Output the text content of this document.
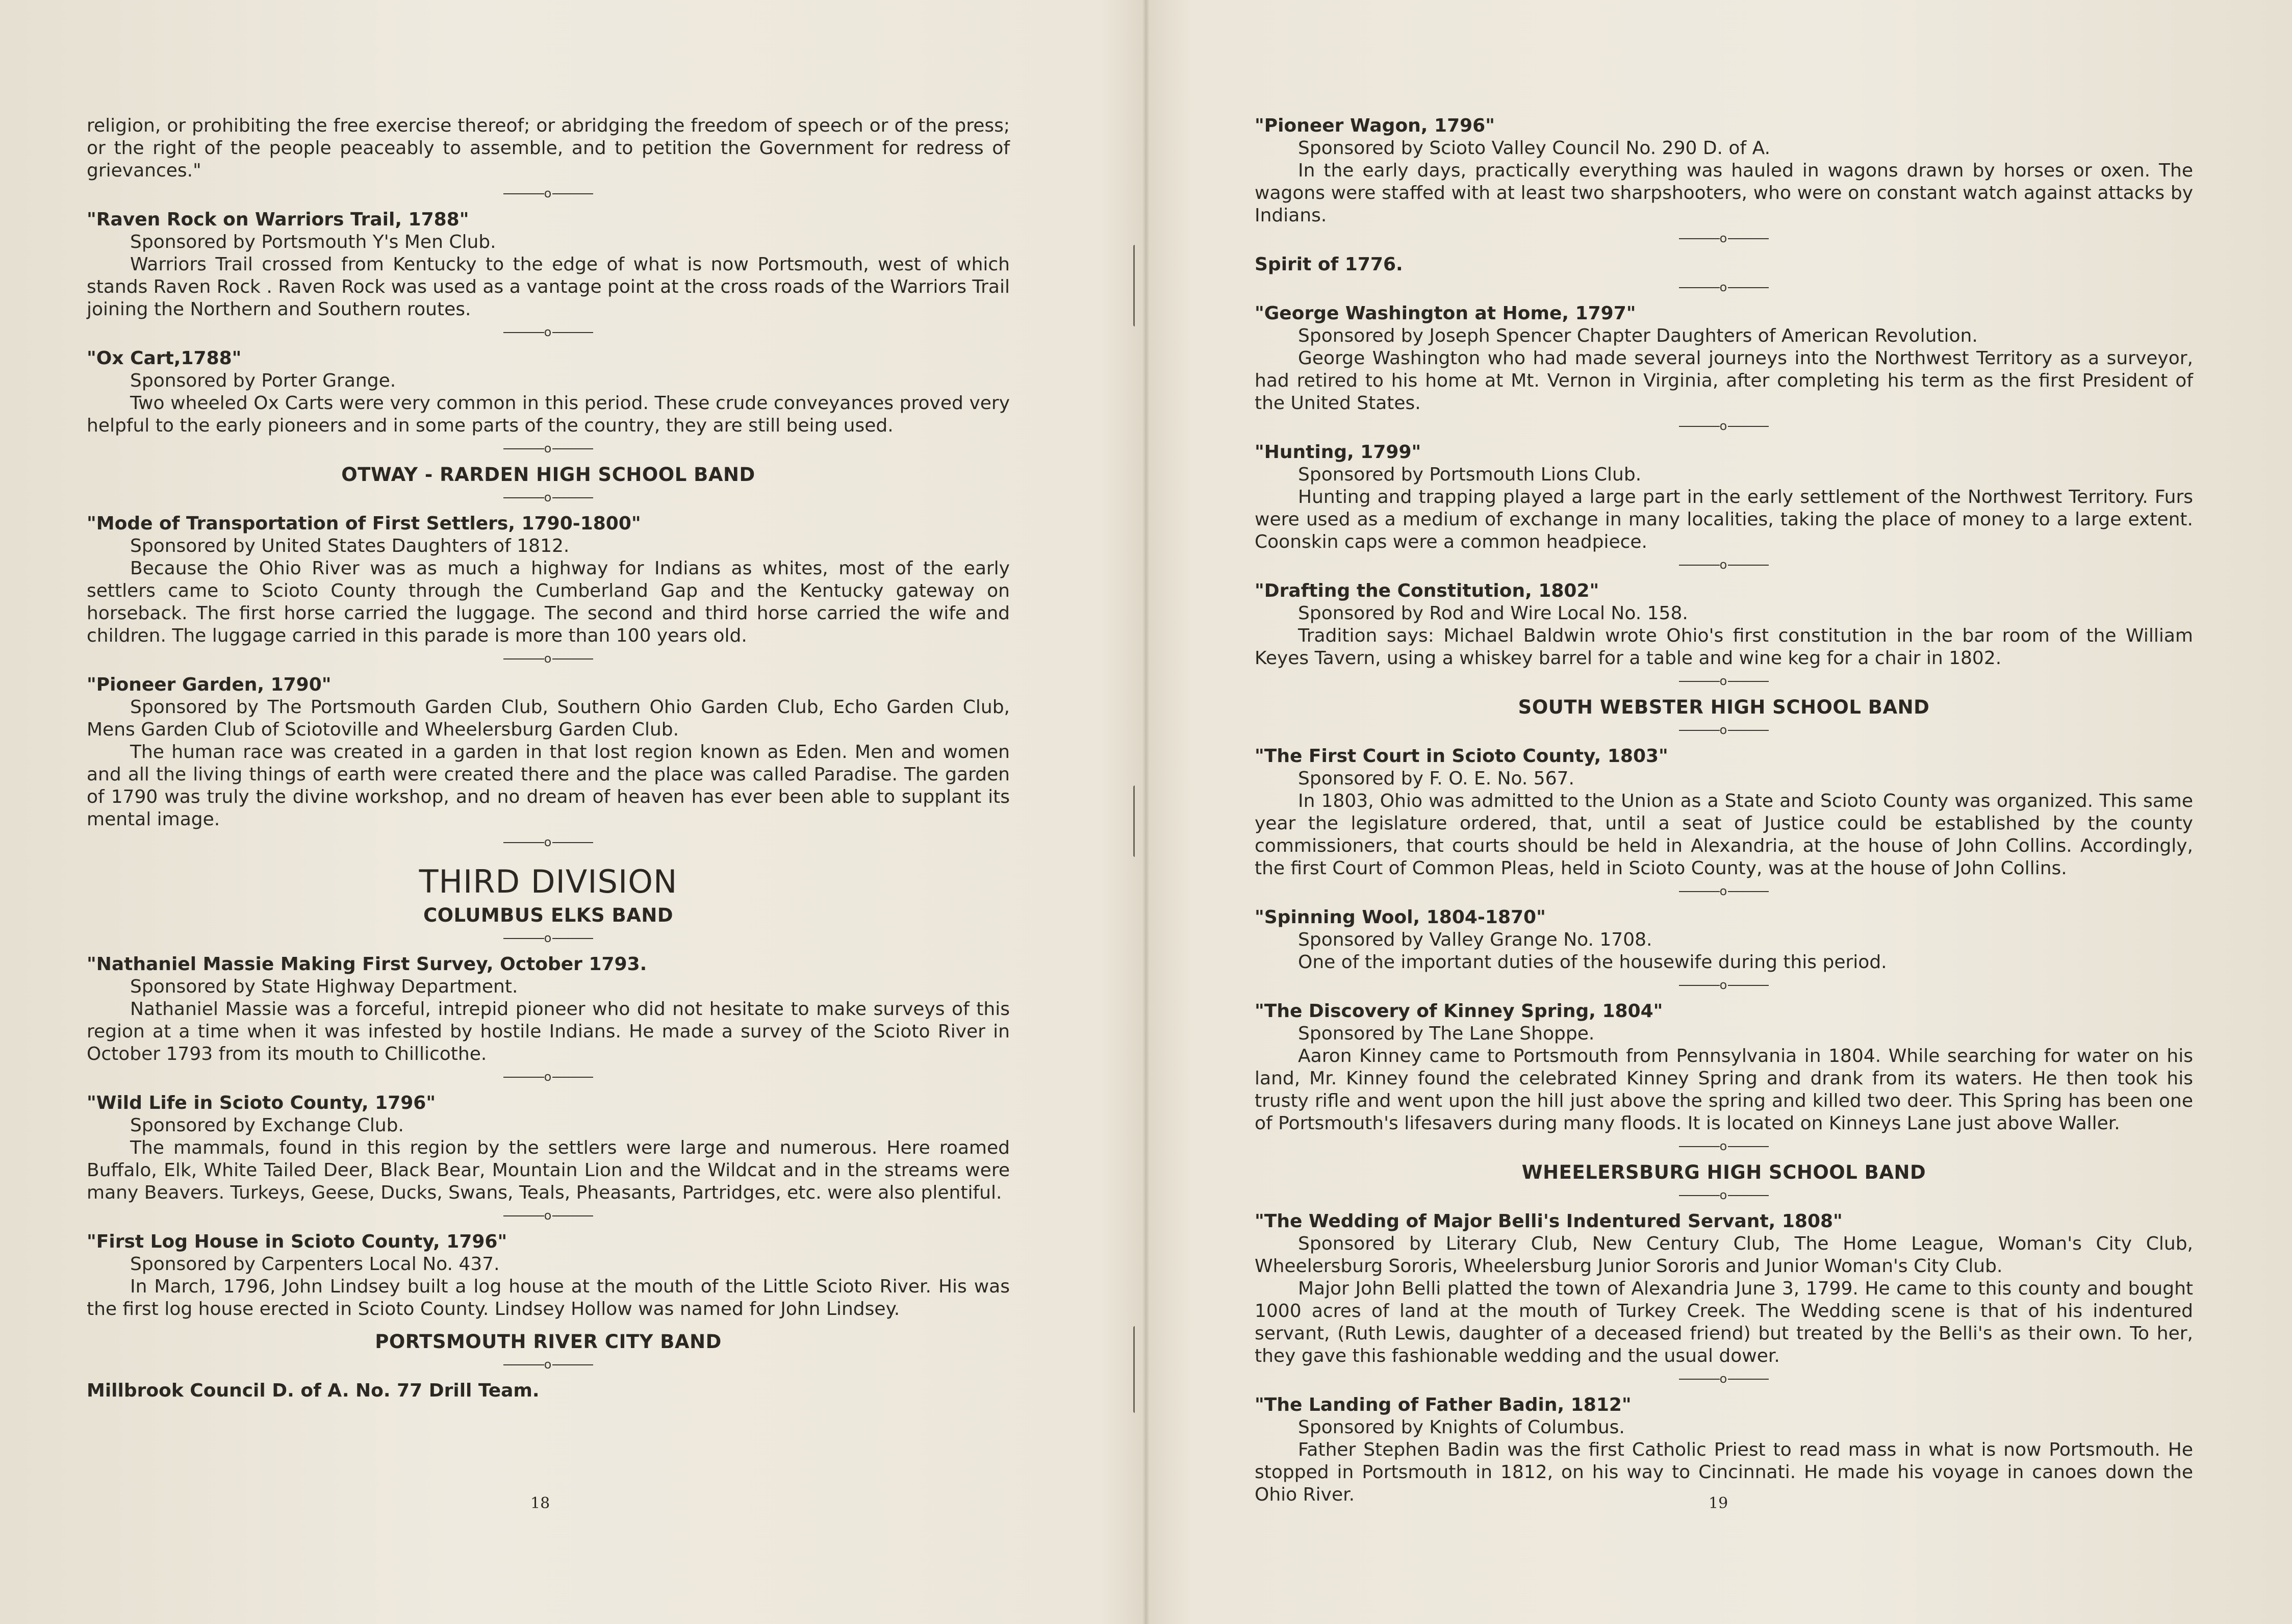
religion, or prohibiting the free exercise thereof; or abridging the freedom of speech or of the press; or the right of the people peaceably to assemble, and to petition the Government for redress of grievances."

o

"Raven Rock on Warriors Trail, 1788"

Sponsored by Portsmouth Y's Men Club.

Warriors Trail crossed from Kentucky to the edge of what is now Portsmouth, west of which stands Raven Rock . Raven Rock was used as a vantage point at the cross roads of the Warriors Trail joining the Northern and Southern routes.

o

"Ox Cart,1788"

Sponsored by Porter Grange.

Two wheeled Ox Carts were very common in this period. These crude conveyances proved very helpful to the early pioneers and in some parts of the country, they are still being used.

o

OTWAY - RARDEN HIGH SCHOOL BAND

o

"Mode of Transportation of First Settlers, 1790-1800"

Sponsored by United States Daughters of 1812.

Because the Ohio River was as much a highway for Indians as whites, most of the early settlers came to Scioto County through the Cumberland Gap and the Kentucky gateway on horseback. The first horse carried the luggage. The second and third horse carried the wife and children. The luggage carried in this parade is more than 100 years old.

o

"Pioneer Garden, 1790"

Sponsored by The Portsmouth Garden Club, Southern Ohio Garden Club, Echo Garden Club, Mens Garden Club of Sciotoville and Wheelersburg Garden Club.

The human race was created in a garden in that lost region known as Eden. Men and women and all the living things of earth were created there and the place was called Paradise. The garden of 1790 was truly the divine workshop, and no dream of heaven has ever been able to supplant its mental image.

o

THIRD DIVISION

COLUMBUS ELKS BAND

o

"Nathaniel Massie Making First Survey, October 1793.

Sponsored by State Highway Department.

Nathaniel Massie was a forceful, intrepid pioneer who did not hesitate to make surveys of this region at a time when it was infested by hostile Indians. He made a survey of the Scioto River in October 1793 from its mouth to Chillicothe.

o

"Wild Life in Scioto County, 1796"

Sponsored by Exchange Club.

The mammals, found in this region by the settlers were large and numerous. Here roamed Buffalo, Elk, White Tailed Deer, Black Bear, Mountain Lion and the Wildcat and in the streams were many Beavers. Turkeys, Geese, Ducks, Swans, Teals, Pheasants, Partridges, etc. were also plentiful.

o

"First Log House in Scioto County, 1796"

Sponsored by Carpenters Local No. 437.

In March, 1796, John Lindsey built a log house at the mouth of the Little Scioto River. His was the first log house erected in Scioto County. Lindsey Hollow was named for John Lindsey.

PORTSMOUTH RIVER CITY BAND

o

Millbrook Council D. of A. No. 77 Drill Team.

18

"Pioneer Wagon, 1796"

Sponsored by Scioto Valley Council No. 290 D. of A.

In the early days, practically everything was hauled in wagons drawn by horses or oxen. The wagons were staffed with at least two sharpshooters, who were on constant watch against attacks by Indians.

o

Spirit of 1776.

o

"George Washington at Home, 1797"

Sponsored by Joseph Spencer Chapter Daughters of American Revolution.

George Washington who had made several journeys into the Northwest Territory as a surveyor, had retired to his home at Mt. Vernon in Virginia, after completing his term as the first President of the United States.

o

"Hunting, 1799"

Sponsored by Portsmouth Lions Club.

Hunting and trapping played a large part in the early settlement of the Northwest Territory. Furs were used as a medium of exchange in many localities, taking the place of money to a large extent. Coonskin caps were a common headpiece.

o

"Drafting the Constitution, 1802"

Sponsored by Rod and Wire Local No. 158.

Tradition says: Michael Baldwin wrote Ohio's first constitution in the bar room of the William Keyes Tavern, using a whiskey barrel for a table and wine keg for a chair in 1802.

o

SOUTH WEBSTER HIGH SCHOOL BAND

o

"The First Court in Scioto County, 1803"

Sponsored by F. O. E. No. 567.

In 1803, Ohio was admitted to the Union as a State and Scioto County was organized. This same year the legislature ordered, that, until a seat of Justice could be established by the county commissioners, that courts should be held in Alexandria, at the house of John Collins. Accordingly, the first Court of Common Pleas, held in Scioto County, was at the house of John Collins.

o

"Spinning Wool, 1804-1870"

Sponsored by Valley Grange No. 1708.

One of the important duties of the housewife during this period.

o

"The Discovery of Kinney Spring, 1804"

Sponsored by The Lane Shoppe.

Aaron Kinney came to Portsmouth from Pennsylvania in 1804. While searching for water on his land, Mr. Kinney found the celebrated Kinney Spring and drank from its waters. He then took his trusty rifle and went upon the hill just above the spring and killed two deer. This Spring has been one of Portsmouth's lifesavers during many floods. It is located on Kinneys Lane just above Waller.

o

WHEELERSBURG HIGH SCHOOL BAND

o

"The Wedding of Major Belli's Indentured Servant, 1808"

Sponsored by Literary Club, New Century Club, The Home League, Woman's City Club, Wheelersburg Sororis, Wheelersburg Junior Sororis and Junior Woman's City Club.

Major John Belli platted the town of Alexandria June 3, 1799. He came to this county and bought 1000 acres of land at the mouth of Turkey Creek. The Wedding scene is that of his indentured servant, (Ruth Lewis, daughter of a deceased friend) but treated by the Belli's as their own. To her, they gave this fashionable wedding and the usual dower.

o

"The Landing of Father Badin, 1812"

Sponsored by Knights of Columbus.

Father Stephen Badin was the first Catholic Priest to read mass in what is now Portsmouth. He stopped in Portsmouth in 1812, on his way to Cincinnati. He made his voyage in canoes down the Ohio River.	19
